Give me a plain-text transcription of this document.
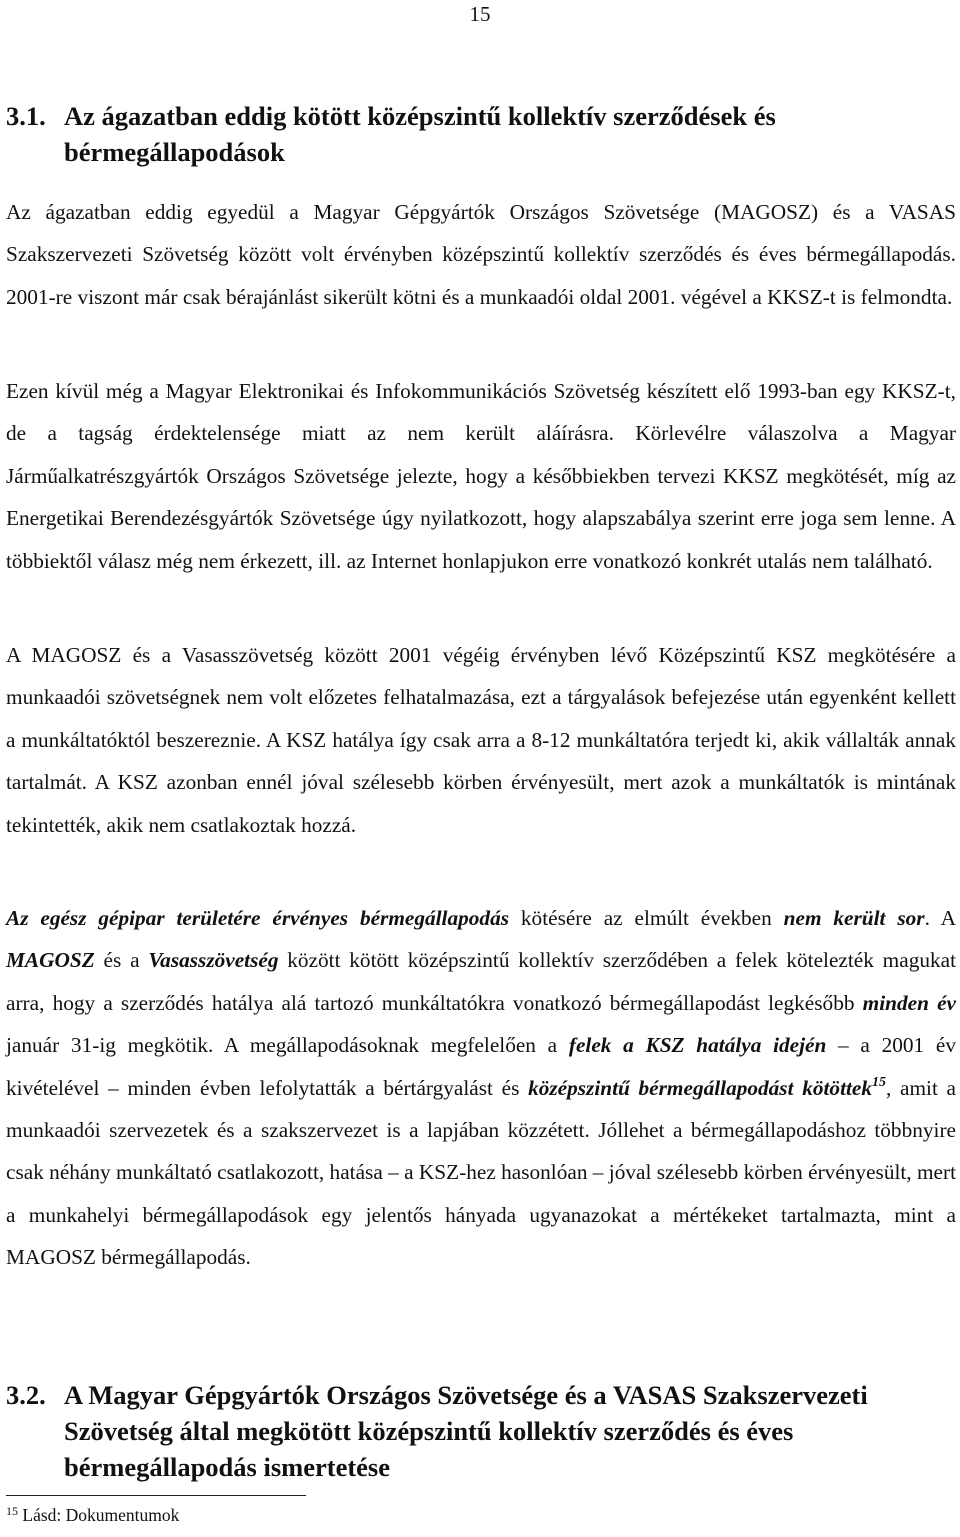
15
3.1. Az ágazatban eddig kötött középszintű kollektív szerződések és bérmegállapodások
Az ágazatban eddig egyedül a Magyar Gépgyártók Országos Szövetsége (MAGOSZ) és a VASAS Szakszervezeti Szövetség között volt érvényben középszintű kollektív szerződés és éves bérmegállapodás. 2001-re viszont már csak bérajánlást sikerült kötni és a munkaadói oldal 2001. végével a KKSZ-t is felmondta.
Ezen kívül még a Magyar Elektronikai és Infokommunikációs Szövetség készített elő 1993-ban egy KKSZ-t, de a tagság érdektelensége miatt az nem került aláírásra. Körlevélre válaszolva a Magyar Járműalkatrészgyártók Országos Szövetsége jelezte, hogy a későbbiekben tervezi KKSZ megkötését, míg az Energetikai Berendezésgyártók Szövetsége úgy nyilatkozott, hogy alapszabálya szerint erre joga sem lenne. A többiektől válasz még nem érkezett, ill. az Internet honlapjukon erre vonatkozó konkrét utalás nem található.
A MAGOSZ és a Vasasszövetség között 2001 végéig érvényben lévő Középszintű KSZ megkötésére a munkaadói szövetségnek nem volt előzetes felhatalmazása, ezt a tárgyalások befejezése után egyenként kellett a munkáltatóktól beszereznie. A KSZ hatálya így csak arra a 8-12 munkáltatóra terjedt ki, akik vállalták annak tartalmát. A KSZ azonban ennél jóval szélesebb körben érvényesült, mert azok a munkáltatók is mintának tekintették, akik nem csatlakoztak hozzá.
Az egész gépipar területére érvényes bérmegállapodás kötésére az elmúlt években nem került sor. A MAGOSZ és a Vasasszövetség között kötött középszintű kollektív szerződében a felek kötelezték magukat arra, hogy a szerződés hatálya alá tartozó munkáltatókra vonatkozó bérmegállapodást legkésőbb minden év január 31-ig megkötik. A megállapodásoknak megfelelően a felek a KSZ hatálya idején – a 2001 év kivételével – minden évben lefolytatták a bértárgyalást és középszintű bérmegállapodást kötöttek$^{15}$, amit a munkaadói szervezetek és a szakszervezet is a lapjában közzétett. Jóllehet a bérmegállapodáshoz többnyire csak néhány munkáltató csatlakozott, hatása – a KSZ-hez hasonlóan – jóval szélesebb körben érvényesült, mert a munkahelyi bérmegállapodások egy jelentős hányada ugyanazokat a mértékeket tartalmazta, mint a MAGOSZ bérmegállapodás.
3.2. A Magyar Gépgyártók Országos Szövetsége és a VASAS Szakszervezeti Szövetség által megkötött középszintű kollektív szerződés és éves bérmegállapodás ismertetése
$^{15}$ Lásd: Dokumentumok
